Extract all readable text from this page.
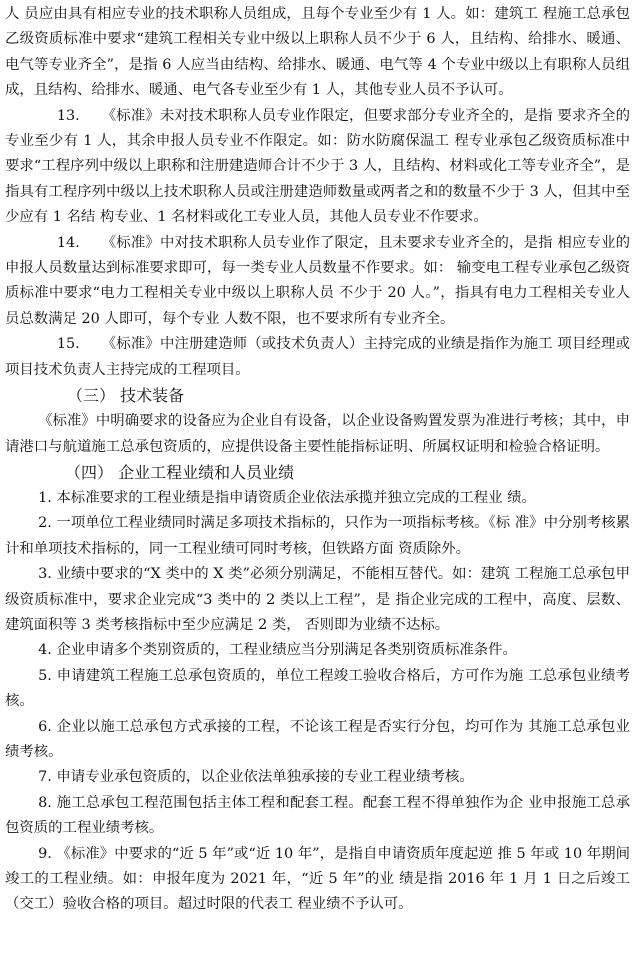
人 员应由具有相应专业的技术职称人员组成，且每个专业至少有 1 人。如：建筑工 程施工总承包乙级资质标准中要求“建筑工程相关专业中级以上职称人员不少于 6 人，且结构、给排水、暖通、电气等专业齐全”，是指 6 人应当由结构、给排水、暖通、电气等 4 个专业中级以上有职称人员组成，且结构、给排水、暖通、电气各专业至少有 1 人，其他专业人员不予认可。

13.　　《标准》未对技术职称人员专业作限定，但要求部分专业齐全的，是指 要求齐全的专业至少有 1 人，其余申报人员专业不作限定。如：防水防腐保温工 程专业承包乙级资质标准中要求“工程序列中级以上职称和注册建造师合计不少于 3 人，且结构、材料或化工等专业齐全”，是指具有工程序列中级以上技术职称人员或注册建造师数量或两者之和的数量不少于 3 人，但其中至少应有 1 名结 构专业、1 名材料或化工专业人员，其他人员专业不作要求。

14.　　《标准》中对技术职称人员专业作了限定，且未要求专业齐全的，是指 相应专业的申报人员数量达到标准要求即可，每一类专业人员数量不作要求。如： 输变电工程专业承包乙级资质标准中要求“电力工程相关专业中级以上职称人员 不少于 20 人。”，指具有电力工程相关专业人员总数满足 20 人即可，每个专业 人数不限，也不要求所有专业齐全。

15.　　《标准》中注册建造师（或技术负责人）主持完成的业绩是指作为施工 项目经理或项目技术负责人主持完成的工程项目。

（三） 技术装备

《标准》中明确要求的设备应为企业自有设备，以企业设备购置发票为准进行考核；其中，申请港口与航道施工总承包资质的，应提供设备主要性能指标证明、所属权证明和检验合格证明。

（四） 企业工程业绩和人员业绩

1. 本标准要求的工程业绩是指申请资质企业依法承揽并独立完成的工程业 绩。

2. 一项单位工程业绩同时满足多项技术指标的，只作为一项指标考核。《标 准》中分别考核累计和单项技术指标的，同一工程业绩可同时考核，但铁路方面 资质除外。

3. 业绩中要求的“X 类中的 X 类”必须分别满足，不能相互替代。如：建筑 工程施工总承包甲级资质标准中，要求企业完成“3 类中的 2 类以上工程”，是 指企业完成的工程中，高度、层数、建筑面积等 3 类考核指标中至少应满足 2 类， 否则即为业绩不达标。

4. 企业申请多个类别资质的，工程业绩应当分别满足各类别资质标准条件。

5. 申请建筑工程施工总承包资质的，单位工程竣工验收合格后，方可作为施 工总承包业绩考核。

6. 企业以施工总承包方式承接的工程，不论该工程是否实行分包，均可作为 其施工总承包业绩考核。

7. 申请专业承包资质的，以企业依法单独承接的专业工程业绩考核。

8. 施工总承包工程范围包括主体工程和配套工程。配套工程不得单独作为企 业申报施工总承包资质的工程业绩考核。

9. 《标准》中要求的“近 5 年”或“近 10 年”，是指自申请资质年度起逆 推 5 年或 10 年期间竣工的工程业绩。如：申报年度为 2021 年，“近 5 年”的业 绩是指 2016 年 1 月 1 日之后竣工（交工）验收合格的项目。超过时限的代表工 程业绩不予认可。
